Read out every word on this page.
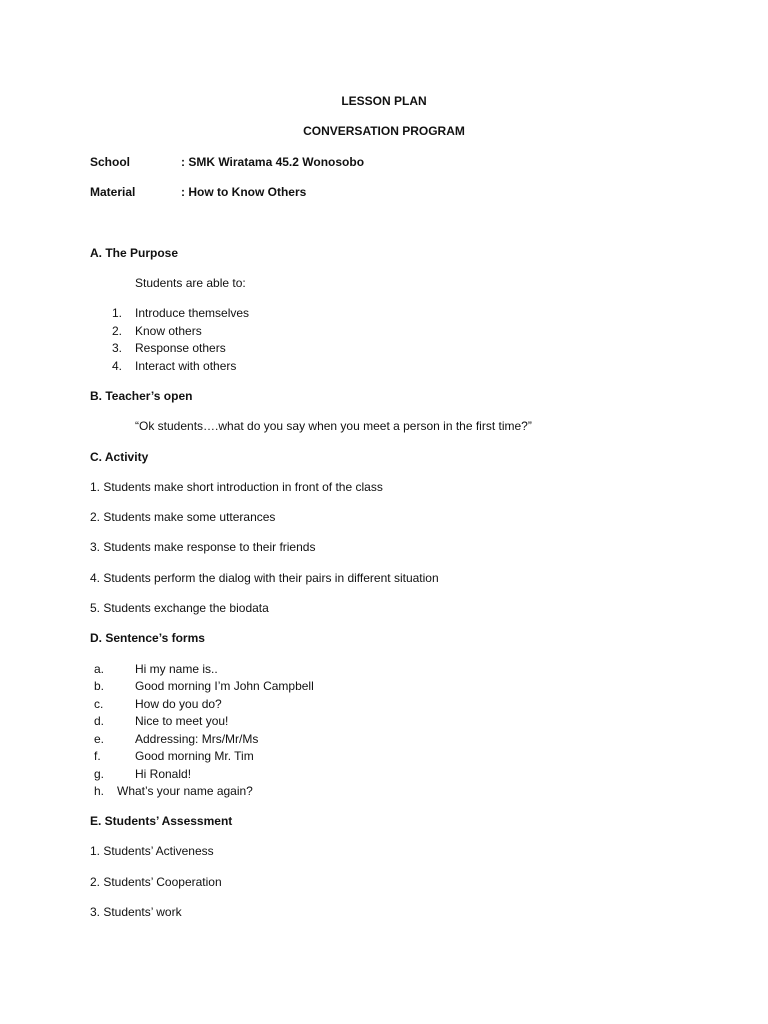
LESSON PLAN
CONVERSATION PROGRAM
School	: SMK Wiratama 45.2 Wonosobo
Material	: How to Know Others
A. The Purpose
Students are able to:
1. Introduce themselves
2. Know others
3. Response others
4. Interact with others
B. Teacher’s open
“Ok students….what do you say when you meet a person in the first time?”
C. Activity
1. Students make short introduction in front of the class
2. Students make some utterances
3. Students make response to their friends
4. Students perform the dialog with their pairs in different situation
5. Students exchange the biodata
D. Sentence’s forms
a.	Hi my name is..
b.	Good morning I’m John Campbell
c.	How do you do?
d.	Nice to meet you!
e.	Addressing: Mrs/Mr/Ms
f.	Good morning Mr. Tim
g.	Hi Ronald!
h. What’s your name again?
E. Students’ Assessment
1. Students’ Activeness
2. Students’ Cooperation
3. Students’ work
